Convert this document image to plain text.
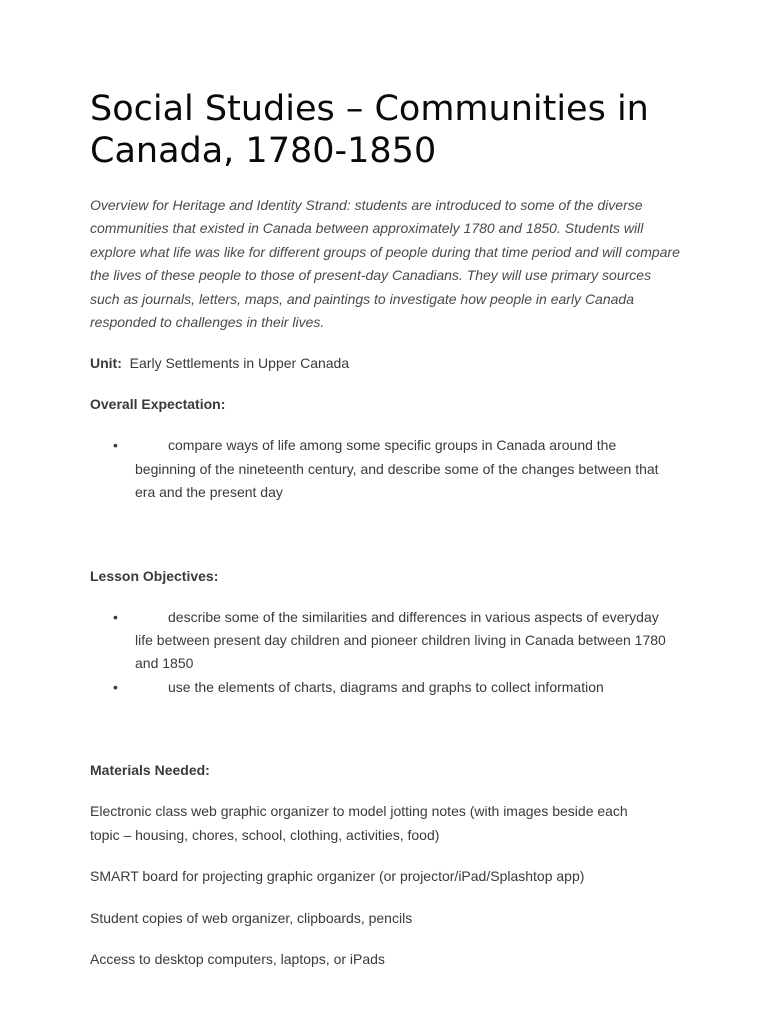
Social Studies – Communities in Canada, 1780-1850

Overview for Heritage and Identity Strand: students are introduced to some of the diverse communities that existed in Canada between approximately 1780 and 1850. Students will explore what life was like for different groups of people during that time period and will compare the lives of these people to those of present-day Canadians. They will use primary sources such as journals, letters, maps, and paintings to investigate how people in early Canada responded to challenges in their lives.

Unit: Early Settlements in Upper Canada

Overall Expectation:

•	compare ways of life among some specific groups in Canada around the beginning of the nineteenth century, and describe some of the changes between that era and the present day

Lesson Objectives:

•	describe some of the similarities and differences in various aspects of everyday life between present day children and pioneer children living in Canada between 1780 and 1850
•	use the elements of charts, diagrams and graphs to collect information

Materials Needed:

Electronic class web graphic organizer to model jotting notes (with images beside each topic – housing, chores, school, clothing, activities, food)

SMART board for projecting graphic organizer (or projector/iPad/Splashtop app)

Student copies of web organizer, clipboards, pencils

Access to desktop computers, laptops, or iPads
